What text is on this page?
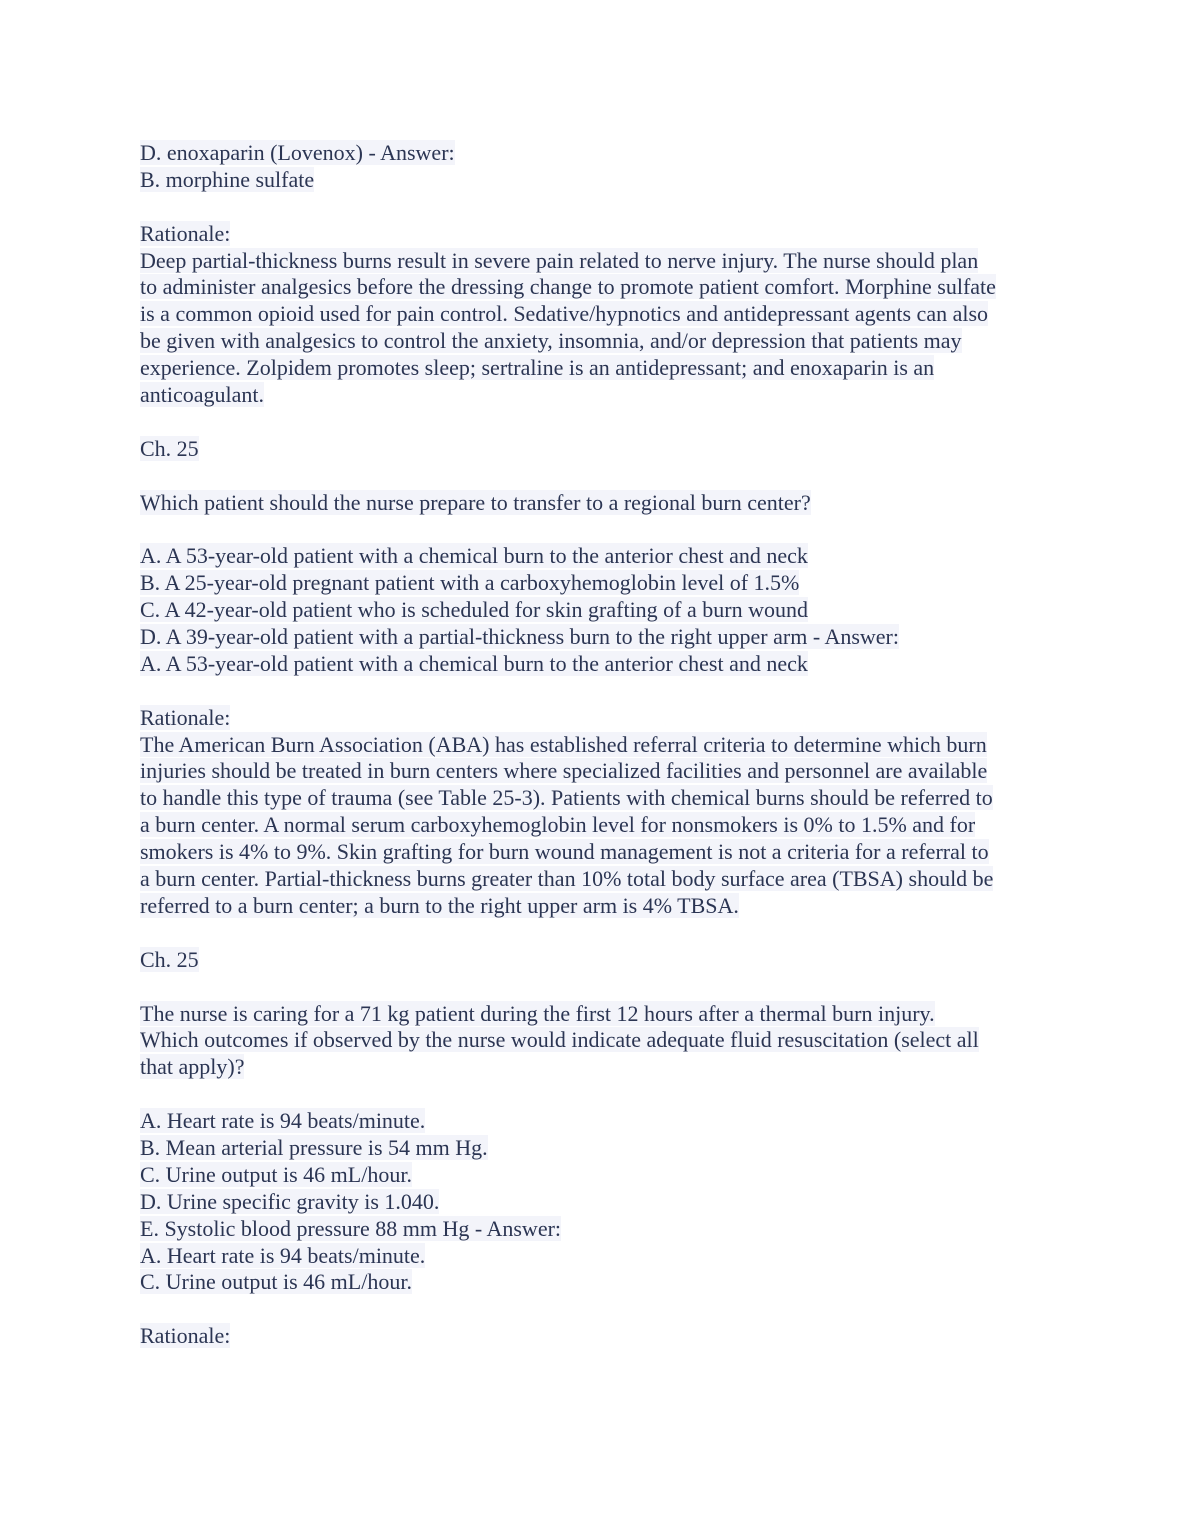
D. enoxaparin (Lovenox) - Answer:
B. morphine sulfate
Rationale:
Deep partial-thickness burns result in severe pain related to nerve injury. The nurse should plan
to administer analgesics before the dressing change to promote patient comfort. Morphine sulfate
is a common opioid used for pain control. Sedative/hypnotics and antidepressant agents can also
be given with analgesics to control the anxiety, insomnia, and/or depression that patients may
experience. Zolpidem promotes sleep; sertraline is an antidepressant; and enoxaparin is an
anticoagulant.
Ch. 25
Which patient should the nurse prepare to transfer to a regional burn center?
A. A 53-year-old patient with a chemical burn to the anterior chest and neck
B. A 25-year-old pregnant patient with a carboxyhemoglobin level of 1.5%
C. A 42-year-old patient who is scheduled for skin grafting of a burn wound
D. A 39-year-old patient with a partial-thickness burn to the right upper arm - Answer:
A. A 53-year-old patient with a chemical burn to the anterior chest and neck
Rationale:
The American Burn Association (ABA) has established referral criteria to determine which burn
injuries should be treated in burn centers where specialized facilities and personnel are available
to handle this type of trauma (see Table 25-3). Patients with chemical burns should be referred to
a burn center. A normal serum carboxyhemoglobin level for nonsmokers is 0% to 1.5% and for
smokers is 4% to 9%. Skin grafting for burn wound management is not a criteria for a referral to
a burn center. Partial-thickness burns greater than 10% total body surface area (TBSA) should be
referred to a burn center; a burn to the right upper arm is 4% TBSA.
Ch. 25
The nurse is caring for a 71 kg patient during the first 12 hours after a thermal burn injury.
Which outcomes if observed by the nurse would indicate adequate fluid resuscitation (select all
that apply)?
A. Heart rate is 94 beats/minute.
B. Mean arterial pressure is 54 mm Hg.
C. Urine output is 46 mL/hour.
D. Urine specific gravity is 1.040.
E. Systolic blood pressure 88 mm Hg - Answer:
A. Heart rate is 94 beats/minute.
C. Urine output is 46 mL/hour.
Rationale:
